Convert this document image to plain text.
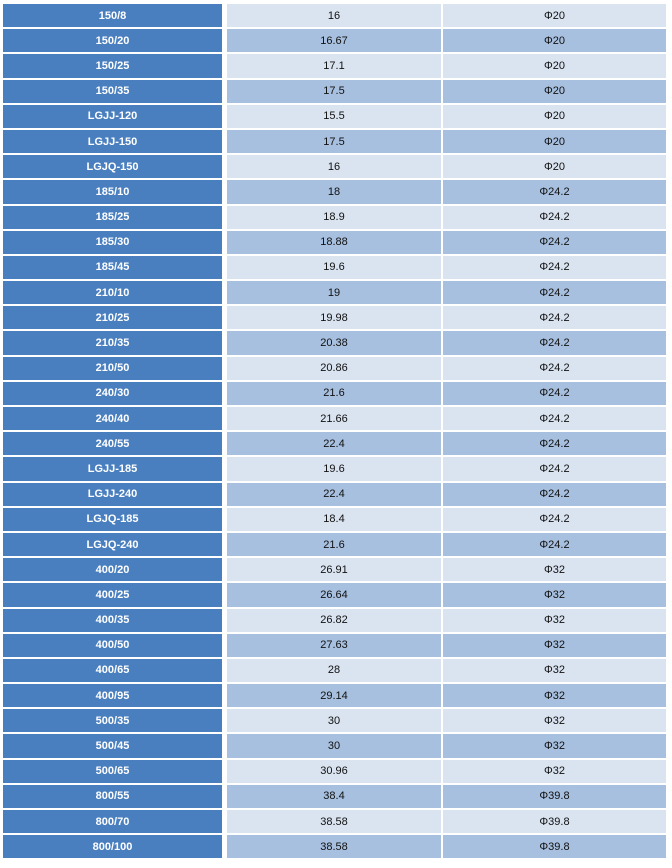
150/8	16	Φ20
150/20	16.67	Φ20
150/25	17.1	Φ20
150/35	17.5	Φ20
LGJJ-120	15.5	Φ20
LGJJ-150	17.5	Φ20
LGJQ-150	16	Φ20
185/10	18	Φ24.2
185/25	18.9	Φ24.2
185/30	18.88	Φ24.2
185/45	19.6	Φ24.2
210/10	19	Φ24.2
210/25	19.98	Φ24.2
210/35	20.38	Φ24.2
210/50	20.86	Φ24.2
240/30	21.6	Φ24.2
240/40	21.66	Φ24.2
240/55	22.4	Φ24.2
LGJJ-185	19.6	Φ24.2
LGJJ-240	22.4	Φ24.2
LGJQ-185	18.4	Φ24.2
LGJQ-240	21.6	Φ24.2
400/20	26.91	Φ32
400/25	26.64	Φ32
400/35	26.82	Φ32
400/50	27.63	Φ32
400/65	28	Φ32
400/95	29.14	Φ32
500/35	30	Φ32
500/45	30	Φ32
500/65	30.96	Φ32
800/55	38.4	Φ39.8
800/70	38.58	Φ39.8
800/100	38.58	Φ39.8
